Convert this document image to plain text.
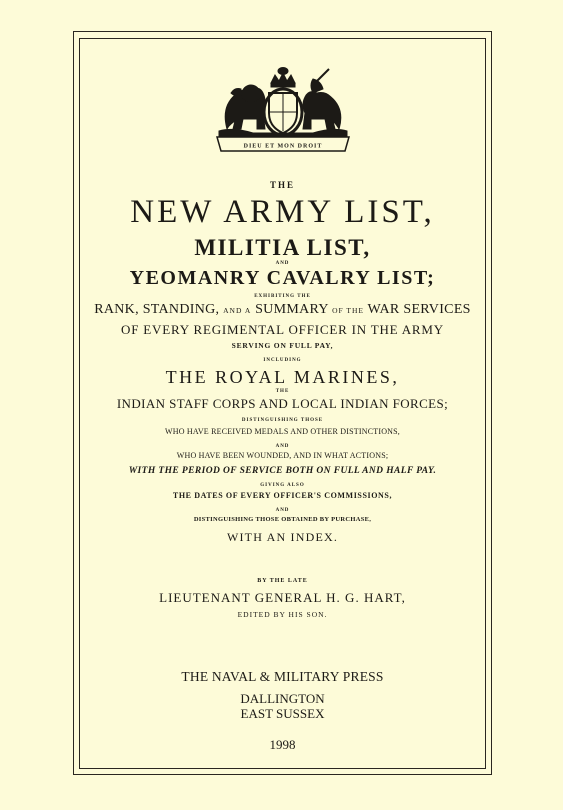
DIEU ET MON DROIT
THE
NEW ARMY LIST,
MILITIA LIST,
AND
YEOMANRY CAVALRY LIST;
EXHIBITING THE
RANK, STANDING, AND A SUMMARY OF THE WAR SERVICES
OF EVERY REGIMENTAL OFFICER IN THE ARMY
SERVING ON FULL PAY,
INCLUDING
THE ROYAL MARINES,
THE
INDIAN STAFF CORPS AND LOCAL INDIAN FORCES;
DISTINGUISHING THOSE
WHO HAVE RECEIVED MEDALS AND OTHER DISTINCTIONS,
AND
WHO HAVE BEEN WOUNDED, AND IN WHAT ACTIONS;
WITH THE PERIOD OF SERVICE BOTH ON FULL AND HALF PAY.
GIVING ALSO
THE DATES OF EVERY OFFICER'S COMMISSIONS,
AND
DISTINGUISHING THOSE OBTAINED BY PURCHASE,
WITH AN INDEX.
BY THE LATE
LIEUTENANT GENERAL H. G. HART,
EDITED BY HIS SON.
THE NAVAL & MILITARY PRESS
DALLINGTON
EAST SUSSEX
1998
